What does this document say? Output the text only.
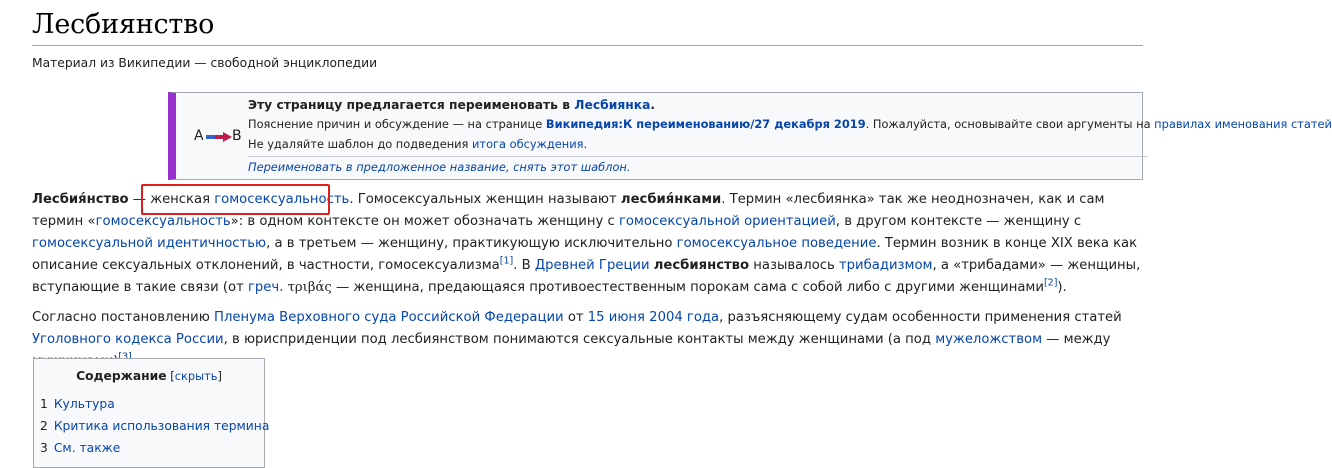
Лесбиянство
Материал из Википедии — свободной энциклопедии
A B
Эту страницу предлагается переименовать в Лесбиянка.
Пояснение причин и обсуждение — на странице Википедия:К переименованию/27 декабря 2019. Пожалуйста, основывайте свои аргументы на правилах именования статей
Не удаляйте шаблон до подведения итога обсуждения.
Переименовать в предложенное название, снять этот шаблон.

Лесбия́нство — женская гомосексуальность. Гомосексуальных женщин называют лесбия́нками. Термин «лесбиянка» так же неоднозначен, как и сам термин «гомосексуальность»: в одном контексте он может обозначать женщину с гомосексуальной ориентацией, в другом контексте — женщину с гомосексуальной идентичностью, а в третьем — женщину, практикующую исключительно гомосексуальное поведение. Термин возник в конце XIX века как описание сексуальных отклонений, в частности, гомосексуализма[1]. В Древней Греции лесбиянство называлось трибадизмом, а «трибадами» — женщины, вступающие в такие связи (от греч. τριβάς — женщина, предающаяся противоестественным порокам сама с собой либо с другими женщинами[2]).

Согласно постановлению Пленума Верховного суда Российской Федерации от 15 июня 2004 года, разъясняющему судам особенности применения статей Уголовного кодекса России, в юрисприденции под лесбиянством понимаются сексуальные контакты между женщинами (а под мужеложством — между

Содержание [скрыть]
1 Культура
2 Критика использования термина
3 См. также
